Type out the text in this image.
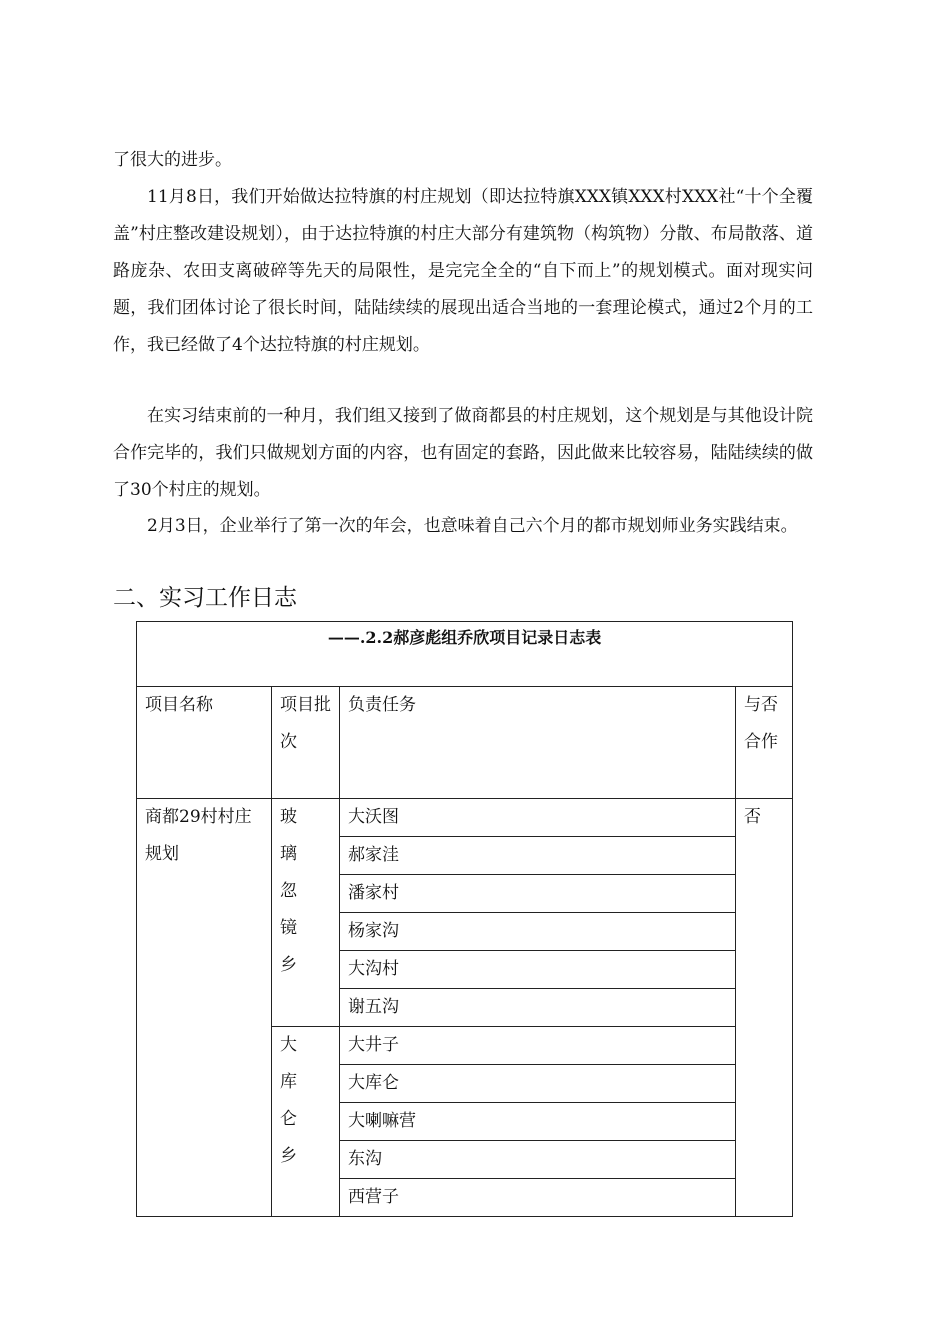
了很大的进步。

11月8日，我们开始做达拉特旗的村庄规划（即达拉特旗XXX镇XXX村XXX社“十个全覆盖”村庄整改建设规划），由于达拉特旗的村庄大部分有建筑物（构筑物）分散、布局散落、道路庞杂、农田支离破碎等先天的局限性，是完完全全的“自下而上”的规划模式。面对现实问题，我们团体讨论了很长时间，陆陆续续的展现出适合当地的一套理论模式，通过2个月的工作，我已经做了4个达拉特旗的村庄规划。

在实习结束前的一种月，我们组又接到了做商都县的村庄规划，这个规划是与其他设计院合作完毕的，我们只做规划方面的内容，也有固定的套路，因此做来比较容易，陆陆续续的做了30个村庄的规划。

2月3日，企业举行了第一次的年会，也意味着自己六个月的都市规划师业务实践结束。

二、实习工作日志
——.2.2郝彦彪组乔欣项目记录日志表			
项目名称	项目批次	负责任务	与否合作
商都29村村庄规划	玻璃忽镜乡	大沃图	否
		郝家洼	
		潘家村	
		杨家沟	
		大沟村	
		谢五沟	
	大库仑乡	大井子	
		大库仑	
		大喇嘛营	
		东沟	
		西营子	
